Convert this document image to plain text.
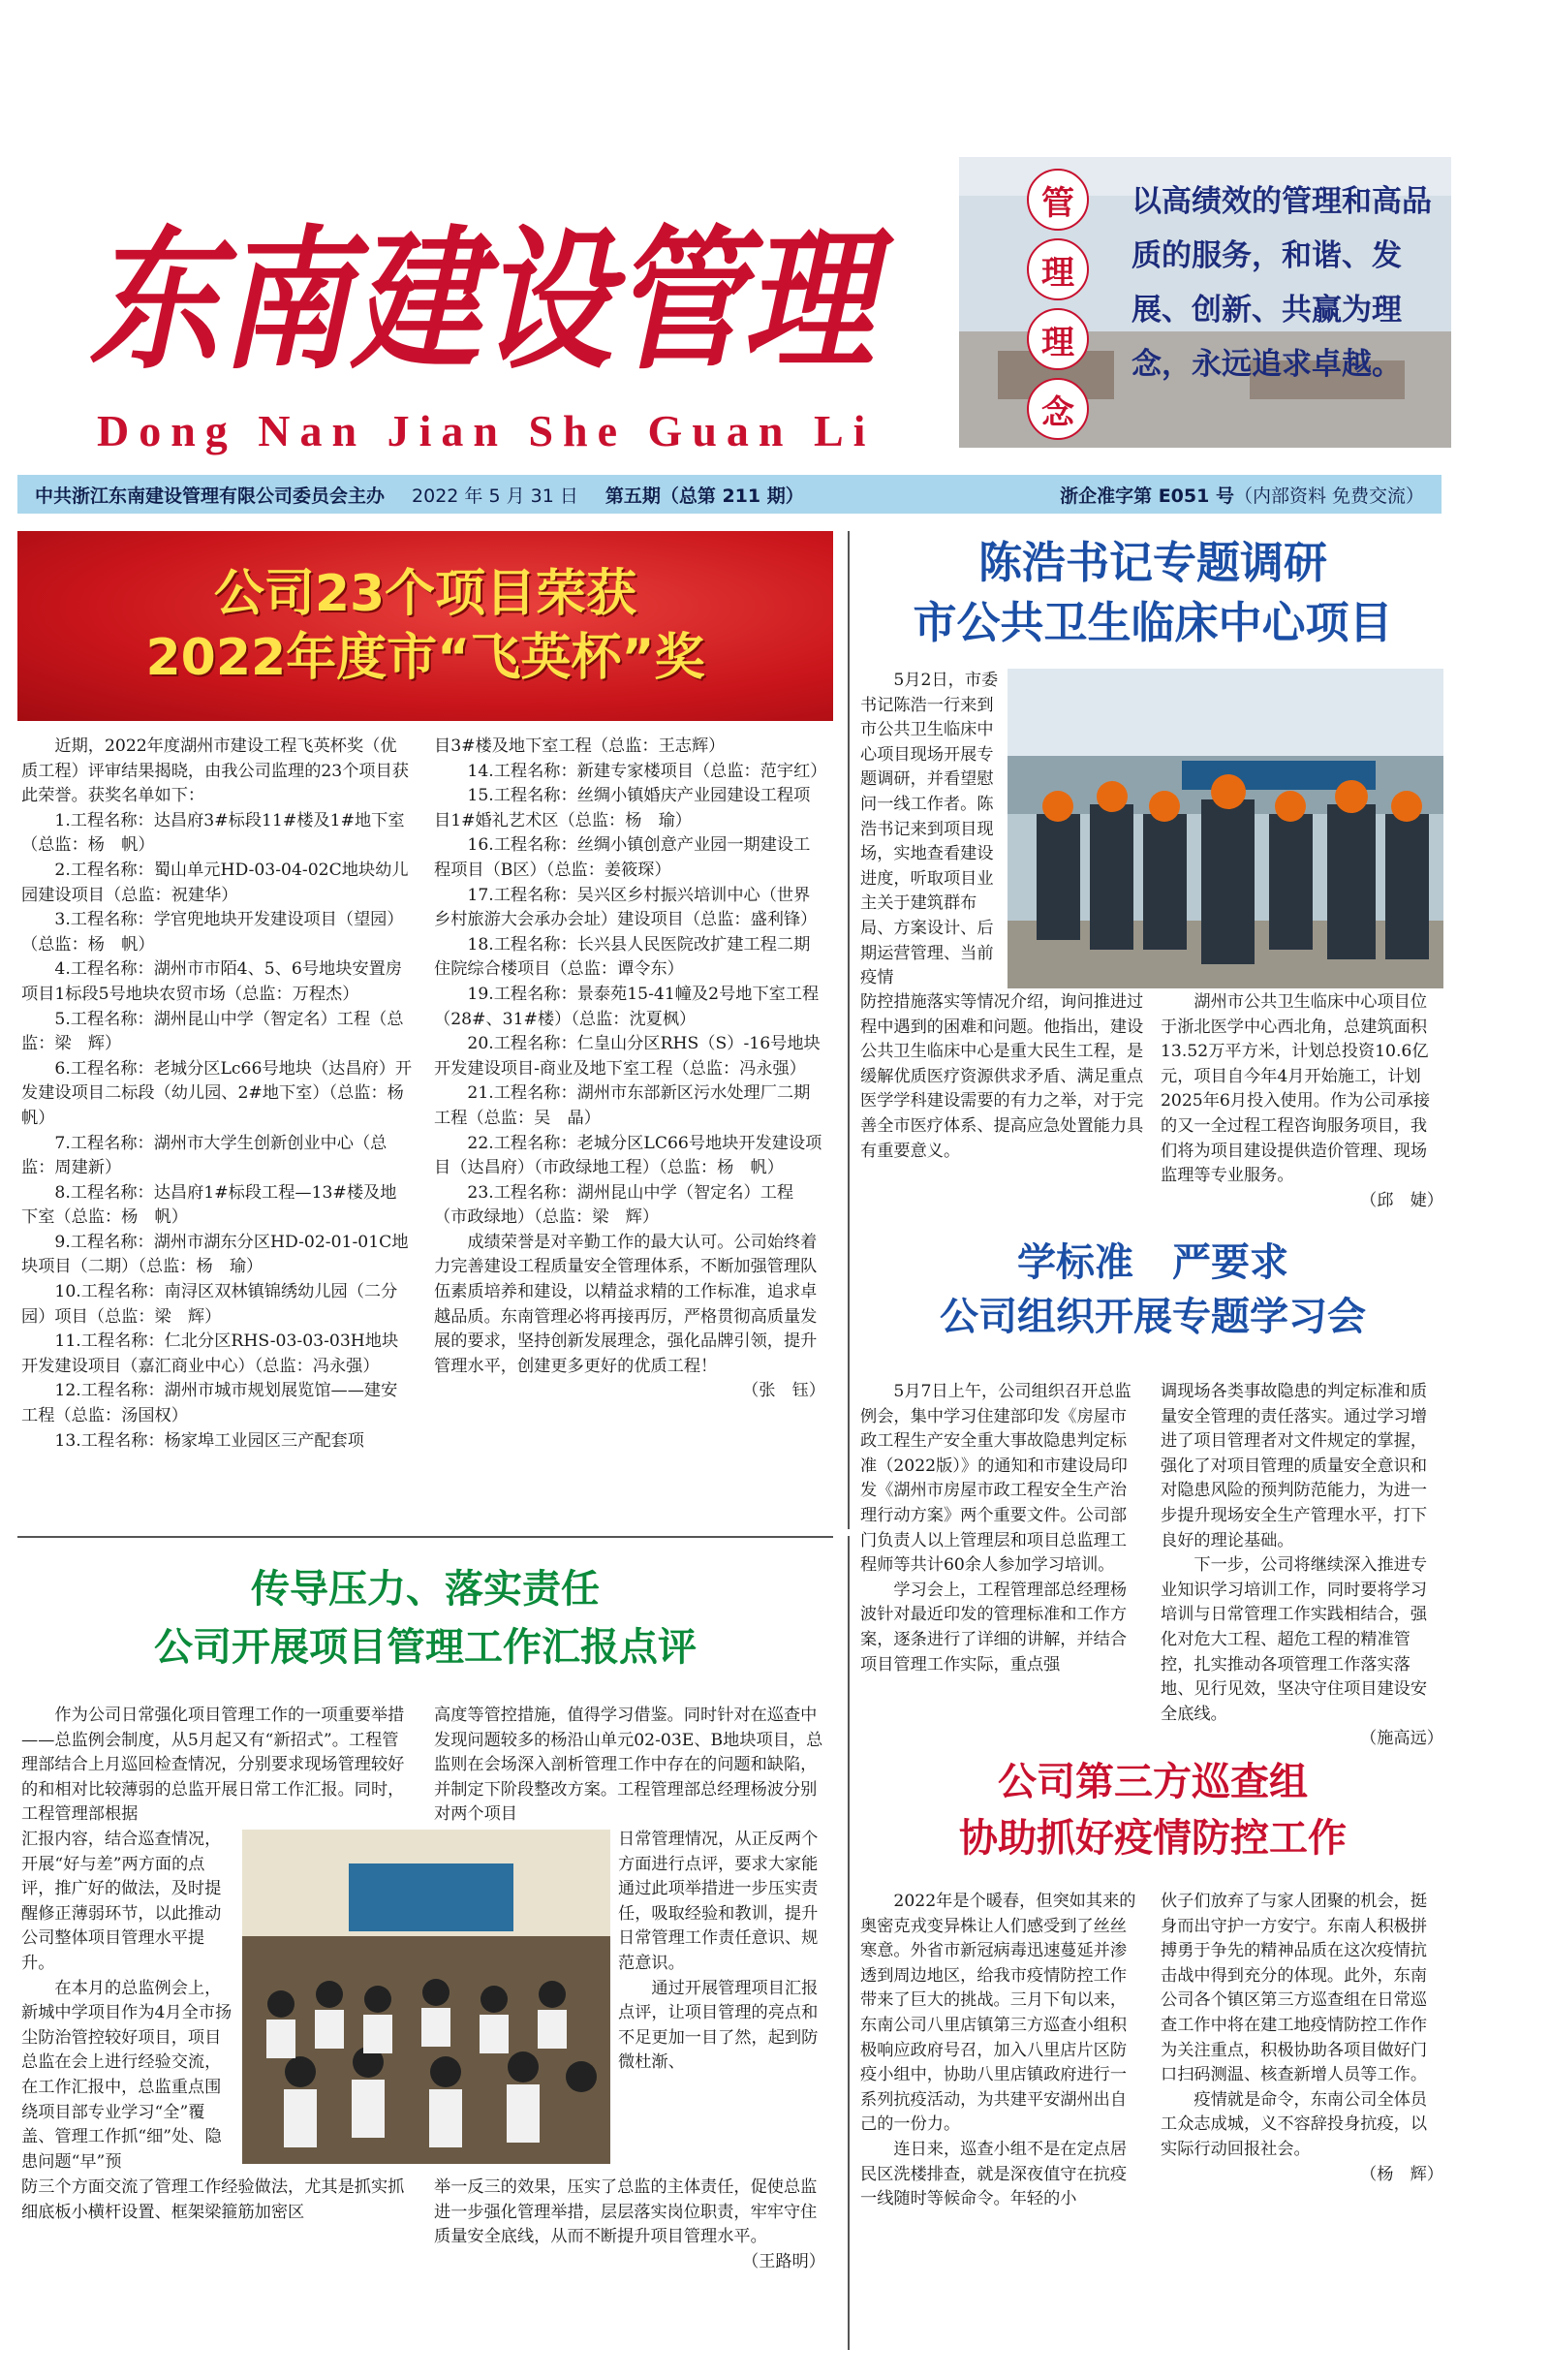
东南建设管理
Dong Nan Jian She Guan Li
管
理
理
念
以高绩效的管理和高品质的服务，和谐、发展、创新、共赢为理念，永远追求卓越。
中共浙江东南建设管理有限公司委员会主办 2022 年 5 月 31 日 第五期（总第 211 期）	浙企准字第 E051 号（内部资料 免费交流）
公司23个项目荣获
2022年度市“飞英杯”奖

近期，2022年度湖州市建设工程飞英杯奖（优质工程）评审结果揭晓，由我公司监理的23个项目获此荣誉。获奖名单如下：

1.工程名称：达昌府3#标段11#楼及1#地下室（总监：杨　帆）

2.工程名称：蜀山单元HD-03-04-02C地块幼儿园建设项目（总监：祝建华）

3.工程名称：学官兜地块开发建设项目（望园）（总监：杨　帆）

4.工程名称：湖州市市陌4、5、6号地块安置房项目1标段5号地块农贸市场（总监：万程杰）

5.工程名称：湖州昆山中学（智定名）工程（总监：梁　辉）

6.工程名称：老城分区Lc66号地块（达昌府）开发建设项目二标段（幼儿园、2#地下室）（总监：杨　帆）

7.工程名称：湖州市大学生创新创业中心（总监：周建新）

8.工程名称：达昌府1#标段工程—13#楼及地下室（总监：杨　帆）

9.工程名称：湖州市湖东分区HD-02-01-01C地块项目（二期）（总监：杨　瑜）

10.工程名称：南浔区双林镇锦绣幼儿园（二分园）项目（总监：梁　辉）

11.工程名称：仁北分区RHS-03-03-03H地块开发建设项目（嘉汇商业中心）（总监：冯永强）

12.工程名称：湖州市城市规划展览馆——建安工程（总监：汤国权）

13.工程名称：杨家埠工业园区三产配套项

目3#楼及地下室工程（总监：王志辉）

14.工程名称：新建专家楼项目（总监：范宇红）

15.工程名称：丝绸小镇婚庆产业园建设工程项目1#婚礼艺术区（总监：杨　瑜）

16.工程名称：丝绸小镇创意产业园一期建设工程项目（B区）（总监：姜筱琛）

17.工程名称：吴兴区乡村振兴培训中心（世界乡村旅游大会承办会址）建设项目（总监：盛利锋）

18.工程名称：长兴县人民医院改扩建工程二期住院综合楼项目（总监：谭令东）

19.工程名称：景泰苑15-41幢及2号地下室工程（28#、31#楼）（总监：沈夏枫）

20.工程名称：仁皇山分区RHS（S）-16号地块开发建设项目-商业及地下室工程（总监：冯永强）

21.工程名称：湖州市东部新区污水处理厂二期工程（总监：吴　晶）

22.工程名称：老城分区LC66号地块开发建设项目（达昌府）（市政绿地工程）（总监：杨　帆）

23.工程名称：湖州昆山中学（智定名）工程（市政绿地）（总监：梁　辉）

成绩荣誉是对辛勤工作的最大认可。公司始终着力完善建设工程质量安全管理体系，不断加强管理队伍素质培养和建设，以精益求精的工作标准，追求卓越品质。东南管理必将再接再厉，严格贯彻高质量发展的要求，坚持创新发展理念，强化品牌引领，提升管理水平，创建更多更好的优质工程！

（张　钰）

陈浩书记专题调研
市公共卫生临床中心项目

5月2日，市委书记陈浩一行来到市公共卫生临床中心项目现场开展专题调研，并看望慰问一线工作者。陈浩书记来到项目现场，实地查看建设进度，听取项目业主关于建筑群布局、方案设计、后期运营管理、当前疫情

防控措施落实等情况介绍，询问推进过程中遇到的困难和问题。他指出，建设公共卫生临床中心是重大民生工程，是缓解优质医疗资源供求矛盾、满足重点医学学科建设需要的有力之举，对于完善全市医疗体系、提高应急处置能力具有重要意义。

湖州市公共卫生临床中心项目位于浙北医学中心西北角，总建筑面积13.52万平方米，计划总投资10.6亿元，项目自今年4月开始施工，计划2025年6月投入使用。作为公司承接的又一全过程工程咨询服务项目，我们将为项目建设提供造价管理、现场监理等专业服务。

（邱　婕）

学标准　严要求
公司组织开展专题学习会

5月7日上午，公司组织召开总监例会，集中学习住建部印发《房屋市政工程生产安全重大事故隐患判定标准（2022版）》的通知和市建设局印发《湖州市房屋市政工程安全生产治理行动方案》两个重要文件。公司部门负责人以上管理层和项目总监理工程师等共计60余人参加学习培训。

学习会上，工程管理部总经理杨波针对最近印发的管理标准和工作方案，逐条进行了详细的讲解，并结合项目管理工作实际，重点强

调现场各类事故隐患的判定标准和质量安全管理的责任落实。通过学习增进了项目管理者对文件规定的掌握，强化了对项目管理的质量安全意识和对隐患风险的预判防范能力，为进一步提升现场安全生产管理水平，打下良好的理论基础。

下一步，公司将继续深入推进专业知识学习培训工作，同时要将学习培训与日常管理工作实践相结合，强化对危大工程、超危工程的精准管控，扎实推动各项管理工作落实落地、见行见效，坚决守住项目建设安全底线。

（施高远）

传导压力、落实责任
公司开展项目管理工作汇报点评

作为公司日常强化项目管理工作的一项重要举措——总监例会制度，从5月起又有“新招式”。工程管理部结合上月巡回检查情况，分别要求现场管理较好的和相对比较薄弱的总监开展日常工作汇报。同时，工程管理部根据

汇报内容，结合巡查情况，开展“好与差”两方面的点评，推广好的做法，及时提醒修正薄弱环节，以此推动公司整体项目管理水平提升。

在本月的总监例会上，新城中学项目作为4月全市扬尘防治管控较好项目，项目总监在会上进行经验交流，在工作汇报中，总监重点围绕项目部专业学习“全”覆盖、管理工作抓“细”处、隐患问题“早”预

防三个方面交流了管理工作经验做法，尤其是抓实抓细底板小横杆设置、框架梁箍筋加密区

高度等管控措施，值得学习借鉴。同时针对在巡查中发现问题较多的杨沿山单元02-03E、B地块项目，总监则在会场深入剖析管理工作中存在的问题和缺陷，并制定下阶段整改方案。工程管理部总经理杨波分别对两个项目

日常管理情况，从正反两个方面进行点评，要求大家能通过此项举措进一步压实责任，吸取经验和教训，提升日常管理工作责任意识、规范意识。

通过开展管理项目汇报点评，让项目管理的亮点和不足更加一目了然，起到防微杜渐、

举一反三的效果，压实了总监的主体责任，促使总监进一步强化管理举措，层层落实岗位职责，牢牢守住质量安全底线，从而不断提升项目管理水平。

（王路明）

公司第三方巡查组
协助抓好疫情防控工作

2022年是个暖春，但突如其来的奥密克戎变异株让人们感受到了丝丝寒意。外省市新冠病毒迅速蔓延并渗透到周边地区，给我市疫情防控工作带来了巨大的挑战。三月下旬以来，东南公司八里店镇第三方巡查小组积极响应政府号召，加入八里店片区防疫小组中，协助八里店镇政府进行一系列抗疫活动，为共建平安湖州出自己的一份力。

连日来，巡查小组不是在定点居民区洗楼排查，就是深夜值守在抗疫一线随时等候命令。年轻的小

伙子们放弃了与家人团聚的机会，挺身而出守护一方安宁。东南人积极拼搏勇于争先的精神品质在这次疫情抗击战中得到充分的体现。此外，东南公司各个镇区第三方巡查组在日常巡查工作中将在建工地疫情防控工作作为关注重点，积极协助各项目做好门口扫码测温、核查新增人员等工作。

疫情就是命令，东南公司全体员工众志成城，义不容辞投身抗疫，以实际行动回报社会。

（杨　辉）
